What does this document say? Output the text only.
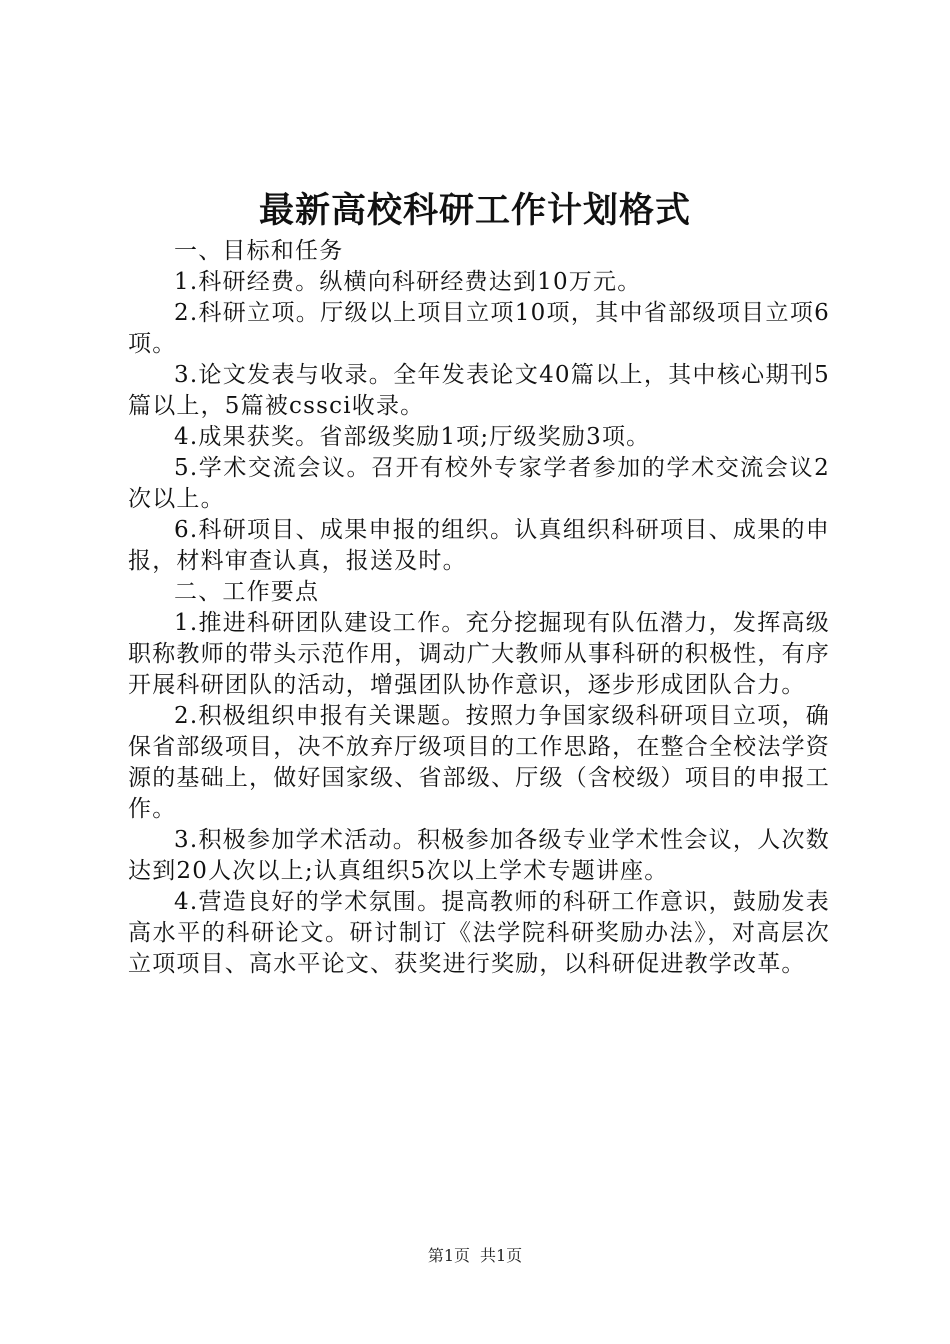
最新高校科研工作计划格式

一、目标和任务

1.科研经费。纵横向科研经费达到10万元。

2.科研立项。厅级以上项目立项10项，其中省部级项目立项6项。

3.论文发表与收录。全年发表论文40篇以上，其中核心期刊5篇以上，5篇被cssci收录。

4.成果获奖。省部级奖励1项;厅级奖励3项。

5.学术交流会议。召开有校外专家学者参加的学术交流会议2次以上。

6.科研项目、成果申报的组织。认真组织科研项目、成果的申报，材料审查认真，报送及时。

二、工作要点

1.推进科研团队建设工作。充分挖掘现有队伍潜力，发挥高级职称教师的带头示范作用，调动广大教师从事科研的积极性，有序开展科研团队的活动，增强团队协作意识，逐步形成团队合力。

2.积极组织申报有关课题。按照力争国家级科研项目立项，确保省部级项目，决不放弃厅级项目的工作思路，在整合全校法学资源的基础上，做好国家级、省部级、厅级（含校级）项目的申报工作。

3.积极参加学术活动。积极参加各级专业学术性会议，人次数达到20人次以上;认真组织5次以上学术专题讲座。

4.营造良好的学术氛围。提高教师的科研工作意识，鼓励发表高水平的科研论文。研讨制订《法学院科研奖励办法》，对高层次立项项目、高水平论文、获奖进行奖励，以科研促进教学改革。

第1页 共1页
